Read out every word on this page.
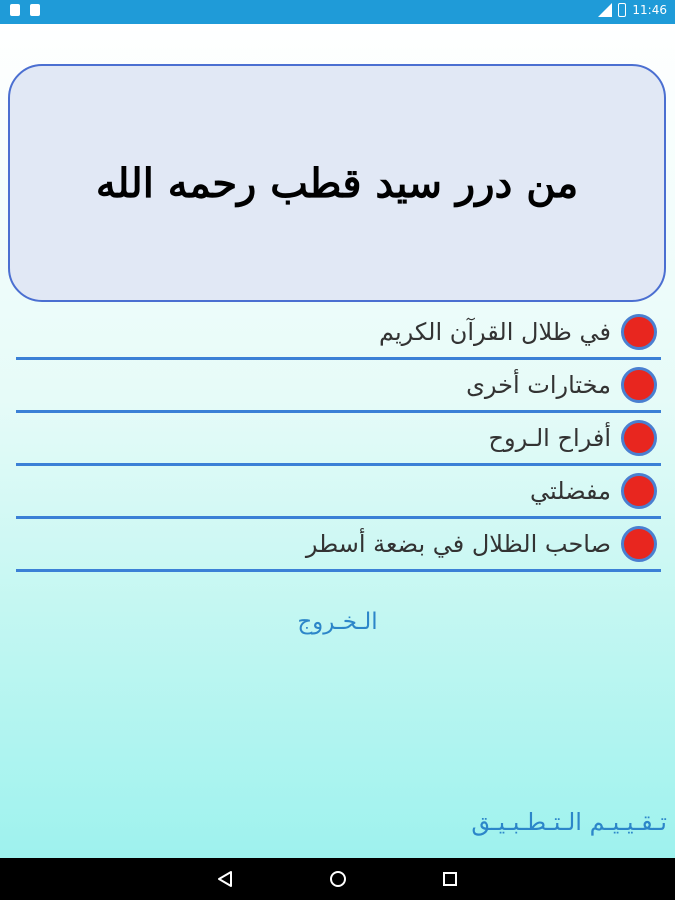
11:46
من درر سيد قطب رحمه الله
في ظلال القرآن الكريم
مختارات أخرى
أفراح الـروح
مفضلتي
صاحب الظلال في بضعة أسطر
الـخـروج
تـقـيـيـم الـتـطـبـيـق
